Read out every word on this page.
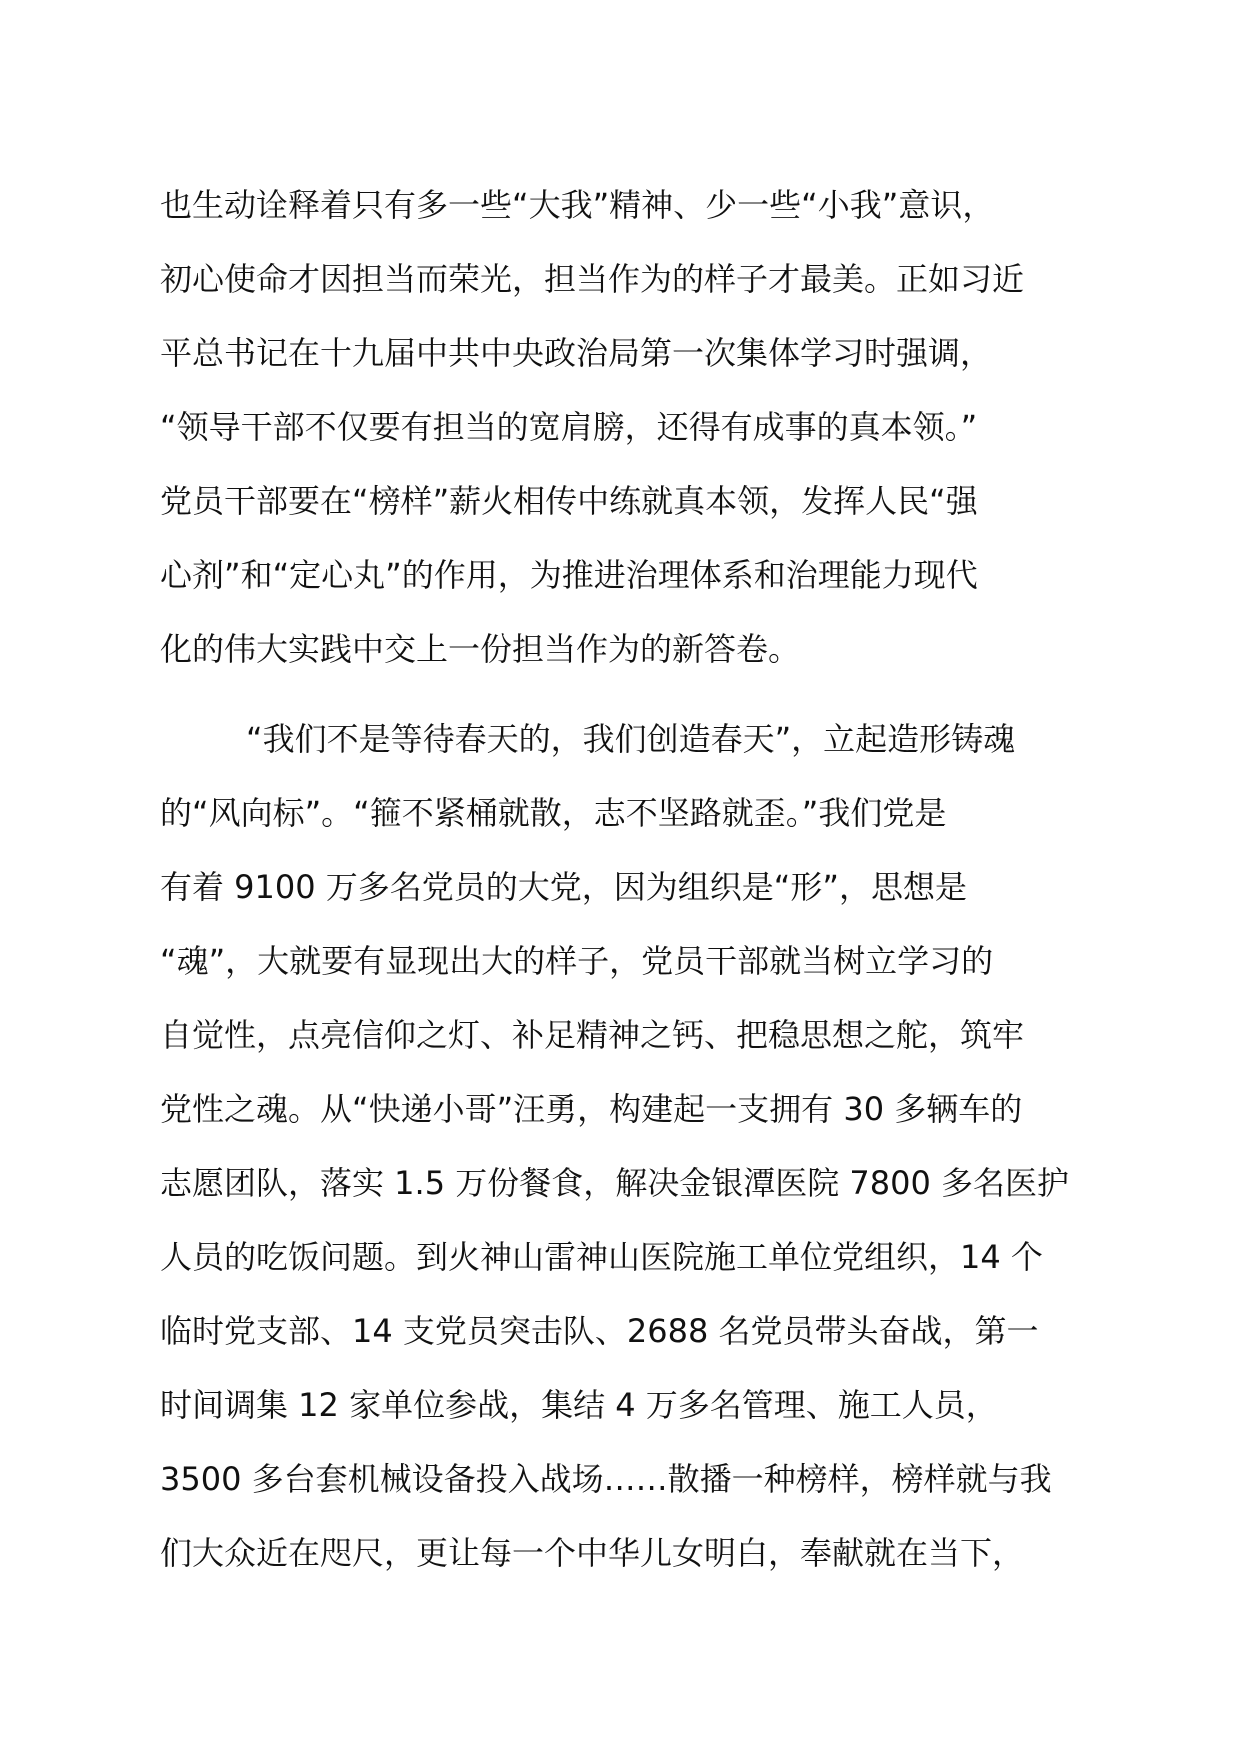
也生动诠释着只有多一些“大我”精神、少一些“小我”意识，
初心使命才因担当而荣光，担当作为的样子才最美。正如习近
平总书记在十九届中共中央政治局第一次集体学习时强调，
“领导干部不仅要有担当的宽肩膀，还得有成事的真本领。”
党员干部要在“榜样”薪火相传中练就真本领，发挥人民“强
心剂”和“定心丸”的作用，为推进治理体系和治理能力现代
化的伟大实践中交上一份担当作为的新答卷。
“我们不是等待春天的，我们创造春天”，立起造形铸魂
的“风向标”。“箍不紧桶就散，志不坚路就歪。”我们党是
有着 9100 万多名党员的大党，因为组织是“形”，思想是
“魂”，大就要有显现出大的样子，党员干部就当树立学习的
自觉性，点亮信仰之灯、补足精神之钙、把稳思想之舵，筑牢
党性之魂。从“快递小哥”汪勇，构建起一支拥有 30 多辆车的
志愿团队，落实 1.5 万份餐食，解决金银潭医院 7800 多名医护
人员的吃饭问题。到火神山雷神山医院施工单位党组织，14 个
临时党支部、14 支党员突击队、2688 名党员带头奋战，第一
时间调集 12 家单位参战，集结 4 万多名管理、施工人员，
3500 多台套机械设备投入战场……散播一种榜样，榜样就与我
们大众近在咫尺，更让每一个中华儿女明白，奉献就在当下，
